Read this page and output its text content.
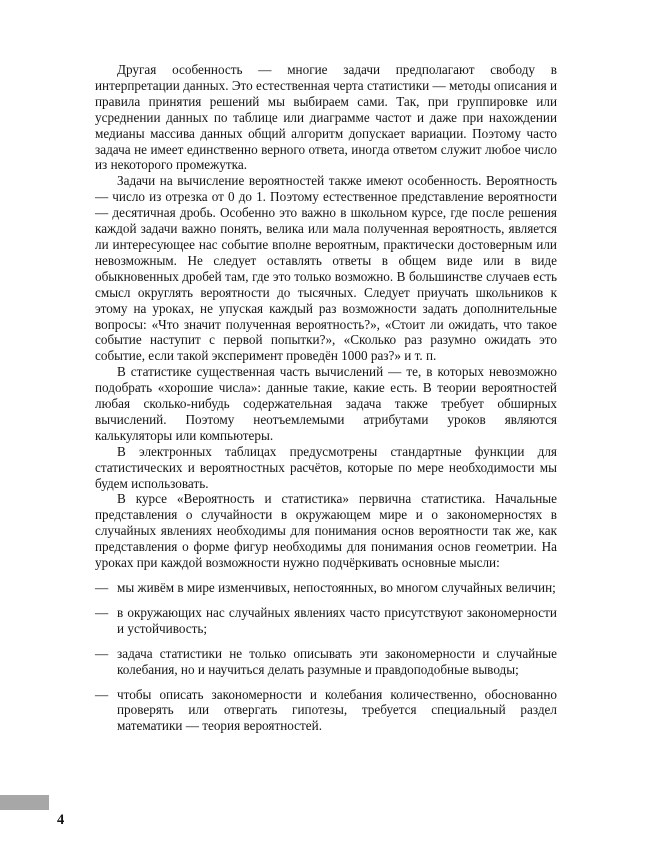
Другая особенность — многие задачи предполагают свободу в интерпретации данных. Это естественная черта статистики — методы описания и правила принятия решений мы выбираем сами. Так, при группировке или усреднении данных по таблице или диаграмме частот и даже при нахождении медианы массива данных общий алгоритм допускает вариации. Поэтому часто задача не имеет единственно верного ответа, иногда ответом служит любое число из некоторого промежутка.

Задачи на вычисление вероятностей также имеют особенность. Вероятность — число из отрезка от 0 до 1. Поэтому естественное представление вероятности — десятичная дробь. Особенно это важно в школьном курсе, где после решения каждой задачи важно понять, велика или мала полученная вероятность, является ли интересующее нас событие вполне вероятным, практически достоверным или невозможным. Не следует оставлять ответы в общем виде или в виде обыкновенных дробей там, где это только возможно. В большинстве случаев есть смысл округлять вероятности до тысячных. Следует приучать школьников к этому на уроках, не упуская каждый раз возможности задать дополнительные вопросы: «Что значит полученная вероятность?», «Стоит ли ожидать, что такое событие наступит с первой попытки?», «Сколько раз разумно ожидать это событие, если такой эксперимент проведён 1000 раз?» и т. п.

В статистике существенная часть вычислений — те, в которых невозможно подобрать «хорошие числа»: данные такие, какие есть. В теории вероятностей любая сколько-нибудь содержательная задача также требует обширных вычислений. Поэтому неотъемлемыми атрибутами уроков являются калькуляторы или компьютеры.

В электронных таблицах предусмотрены стандартные функции для статистических и вероятностных расчётов, которые по мере необходимости мы будем использовать.

В курсе «Вероятность и статистика» первична статистика. Начальные представления о случайности в окружающем мире и о закономерностях в случайных явлениях необходимы для понимания основ вероятности так же, как представления о форме фигур необходимы для понимания основ геометрии. На уроках при каждой возможности нужно подчёркивать основные мысли:

— мы живём в мире изменчивых, непостоянных, во многом случайных величин;
— в окружающих нас случайных явлениях часто присутствуют закономерности и устойчивость;
— задача статистики не только описывать эти закономерности и случайные колебания, но и научиться делать разумные и правдоподобные выводы;
— чтобы описать закономерности и колебания количественно, обоснованно проверять или отвергать гипотезы, требуется специальный раздел математики — теория вероятностей.
4
